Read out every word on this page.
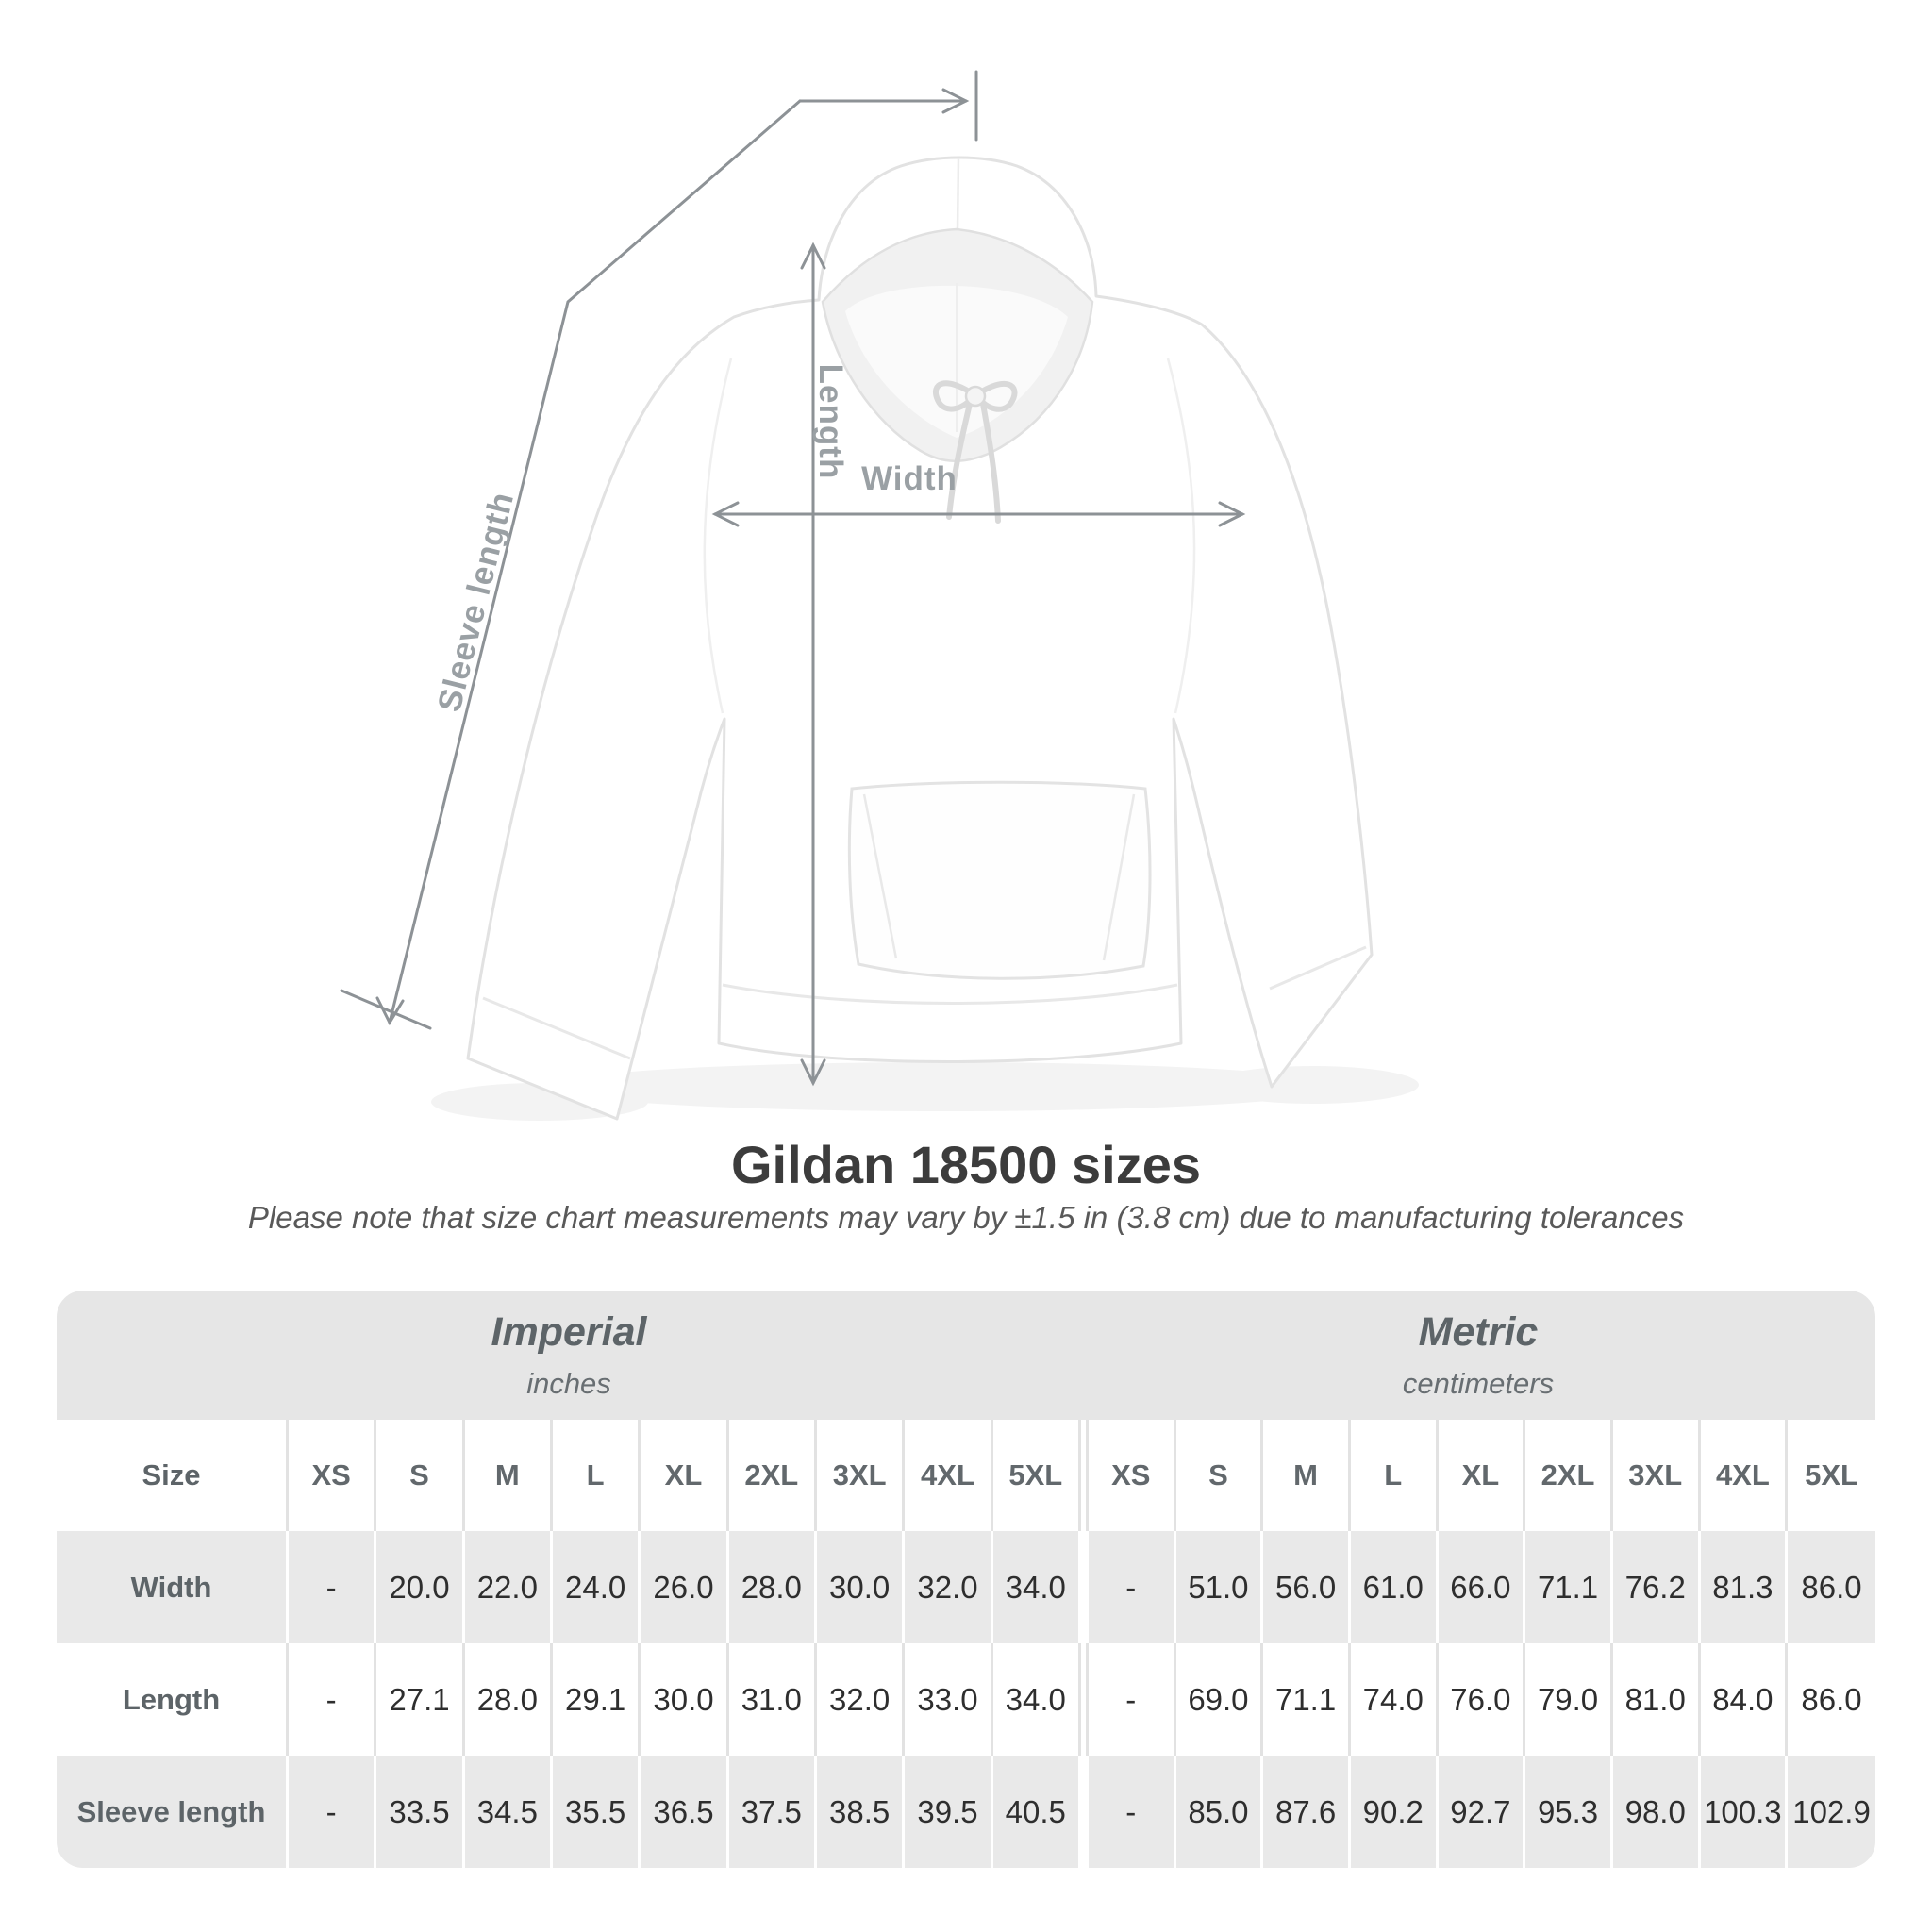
Length Width
Sleeve length
Gildan 18500 sizes
Please note that size chart measurements may vary by ±1.5 in (3.8 cm) due to manufacturing tolerances
Imperial
inches
Metric
centimeters
Size	XS	S	M	L	XL	2XL	3XL	4XL	5XL	XS	S	M	L	XL	2XL	3XL	4XL	5XL
Width	-	20.0 22.0 24.0 26.0 28.0 30.0 32.0 34.0	-	51.0 56.0 61.0 66.0 71.1 76.2 81.3 86.0
Length	-	27.1 28.0 29.1 30.0 31.0 32.0 33.0 34.0	-	69.0 71.1 74.0 76.0 79.0 81.0 84.0 86.0
Sleeve length	-	33.5 34.5 35.5 36.5 37.5 38.5 39.5 40.5	-	85.0 87.6 90.2 92.7 95.3 98.0 100.3 102.9
